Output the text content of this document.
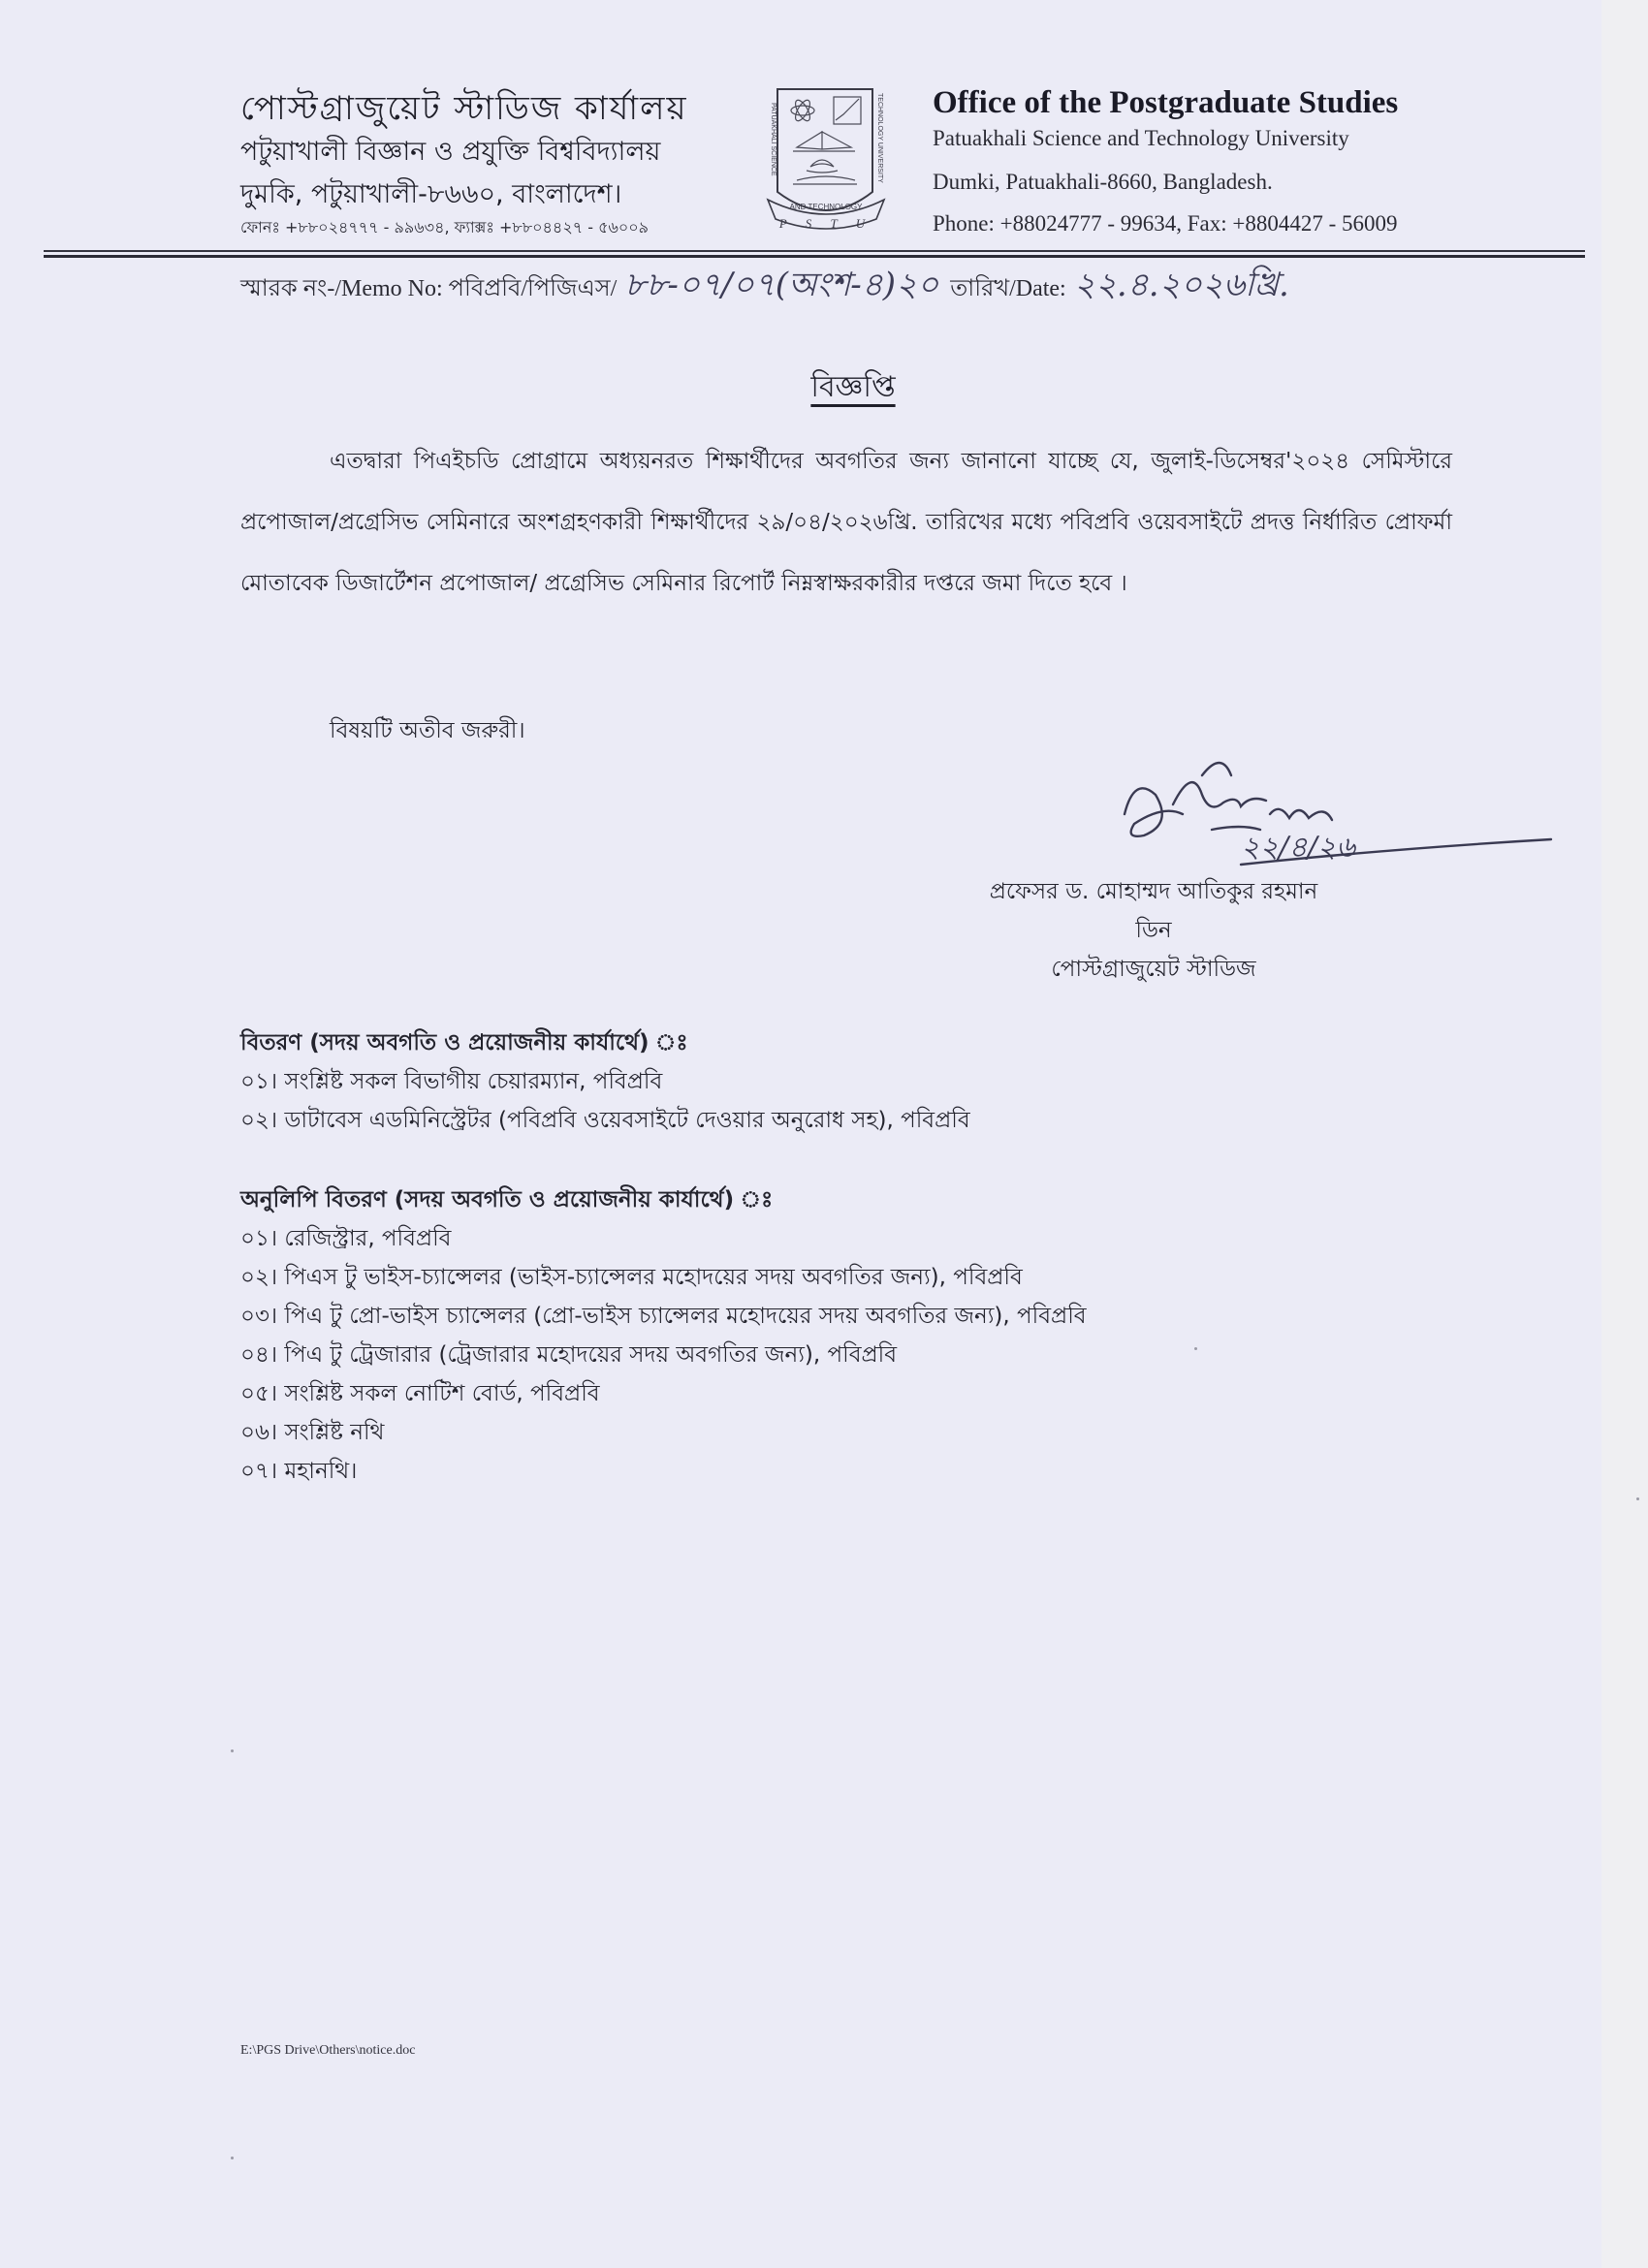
পোস্টগ্রাজুয়েট স্টাডিজ কার্যালয়
পটুয়াখালী বিজ্ঞান ও প্রযুক্তি বিশ্ববিদ্যালয়
দুমকি, পটুয়াখালী-৮৬৬০, বাংলাদেশ।
ফোনঃ +৮৮০২৪৭৭৭ - ৯৯৬৩৪, ফ্যাক্সঃ +৮৮০৪৪২৭ - ৫৬০০৯
PATUAKHALI SCIENCE	TECHNOLOGY UNIVERSITY
AND TECHNOLOGY
P S T U
Office of the Postgraduate Studies
Patuakhali Science and Technology University
Dumki, Patuakhali-8660, Bangladesh.
Phone: +88024777 - 99634, Fax: +8804427 - 56009
স্মারক নং-/Memo No: পবিপ্রবি/পিজিএস/ ৮৮-০৭/০৭(অংশ-৪)২০ তারিখ/Date: ২২.৪.২০২৬খ্রি.
বিজ্ঞপ্তি
এতদ্বারা পিএইচডি প্রোগ্রামে অধ্যয়নরত শিক্ষার্থীদের অবগতির জন্য জানানো যাচ্ছে যে, জুলাই-ডিসেম্বর'২০২৪ সেমিস্টারে প্রপোজাল/প্রগ্রেসিভ সেমিনারে অংশগ্রহণকারী শিক্ষার্থীদের ২৯/০৪/২০২৬খ্রি. তারিখের মধ্যে পবিপ্রবি ওয়েবসাইটে প্রদত্ত নির্ধারিত প্রোফর্মা মোতাবেক ডিজার্টেশন প্রপোজাল/ প্রগ্রেসিভ সেমিনার রিপোর্ট নিম্নস্বাক্ষরকারীর দপ্তরে জমা দিতে হবে ।
বিষয়টি অতীব জরুরী।
২২/৪/২৬
প্রফেসর ড. মোহাম্মদ আতিকুর রহমান
ডিন
পোস্টগ্রাজুয়েট স্টাডিজ
বিতরণ (সদয় অবগতি ও প্রয়োজনীয় কার্যার্থে) ঃ
০১। সংশ্লিষ্ট সকল বিভাগীয় চেয়ারম্যান, পবিপ্রবি
০২। ডাটাবেস এডমিনিস্ট্রেটর (পবিপ্রবি ওয়েবসাইটে দেওয়ার অনুরোধ সহ), পবিপ্রবি
অনুলিপি বিতরণ (সদয় অবগতি ও প্রয়োজনীয় কার্যার্থে) ঃ
০১। রেজিস্ট্রার, পবিপ্রবি
০২। পিএস টু ভাইস-চ্যান্সেলর (ভাইস-চ্যান্সেলর মহোদয়ের সদয় অবগতির জন্য), পবিপ্রবি
০৩। পিএ টু প্রো-ভাইস চ্যান্সেলর (প্রো-ভাইস চ্যান্সেলর মহোদয়ের সদয় অবগতির জন্য), পবিপ্রবি
০৪। পিএ টু ট্রেজারার (ট্রেজারার মহোদয়ের সদয় অবগতির জন্য), পবিপ্রবি
০৫। সংশ্লিষ্ট সকল নোটিশ বোর্ড, পবিপ্রবি
০৬। সংশ্লিষ্ট নথি
০৭। মহানথি।
E:\PGS Drive\Others\notice.doc
